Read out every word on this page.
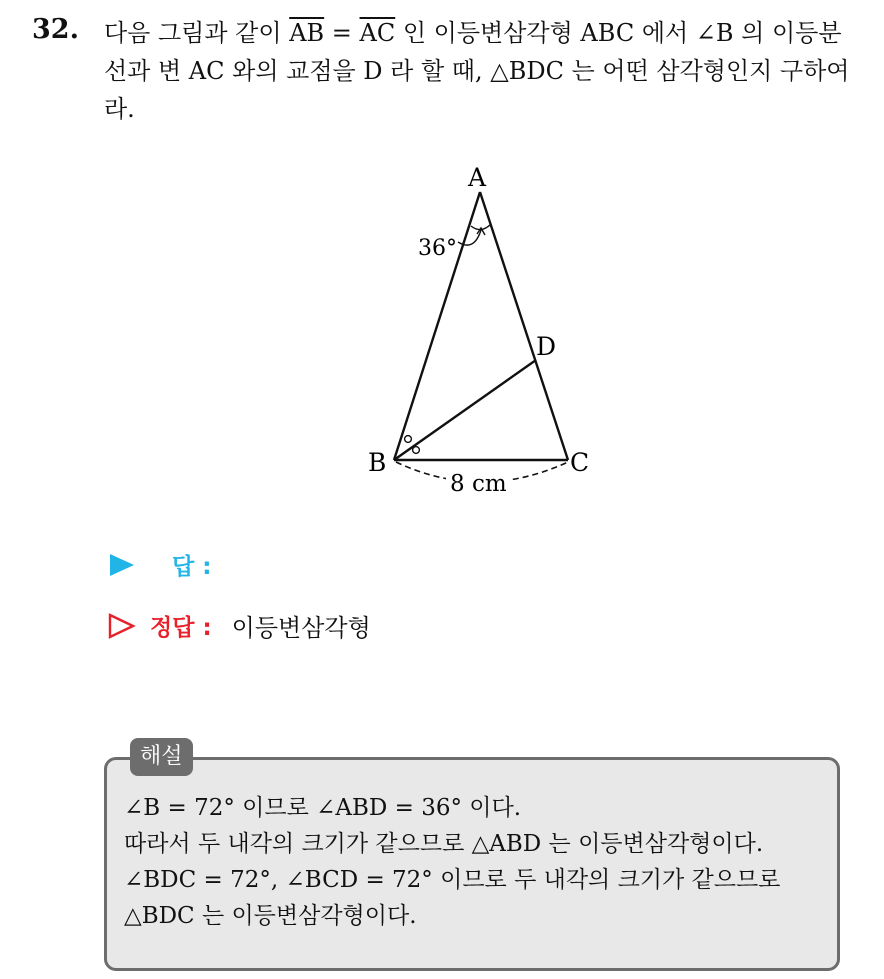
32. 다음 그림과 같이 $\overline{AB} = \overline{AC}$ 인 이등변삼각형 ABC 에서 ∠B 의 이등분선과 변 AC 와의 교점을 D 라 할 때, △BDC 는 어떤 삼각형인지 구하여라.
A
B	C
D
36°
8 cm
답 :
정답 : 이등변삼각형
해설
∠B = 72° 이므로 ∠ABD = 36° 이다.
따라서 두 내각의 크기가 같으므로 △ABD 는 이등변삼각형이다.
∠BDC = 72°, ∠BCD = 72° 이므로 두 내각의 크기가 같으므로
△BDC 는 이등변삼각형이다.
